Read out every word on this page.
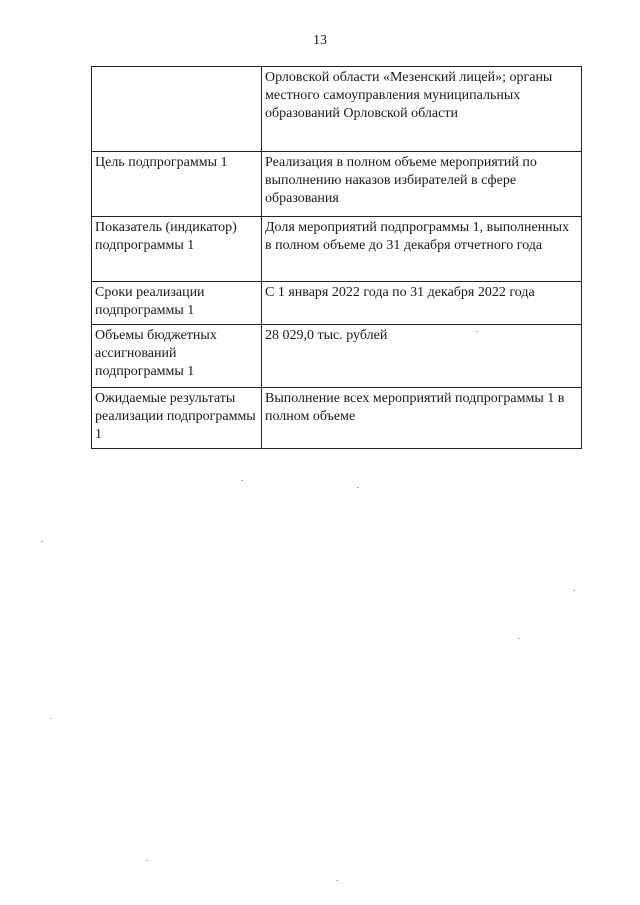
13
	Орловской области «Мезенский лицей»; органы местного самоуправления муниципальных образований Орловской области
Цель подпрограммы 1	Реализация в полном объеме мероприятий по выполнению наказов избирателей в сфере образования
Показатель (индикатор) подпрограммы 1	Доля мероприятий подпрограммы 1, выполненных в полном объеме до 31 декабря отчетного года
Сроки реализации подпрограммы 1	С 1 января 2022 года по 31 декабря 2022 года
Объемы бюджетных ассигнований подпрограммы 1	28 029,0 тыс. рублей
Ожидаемые результаты реализации подпрограммы 1	Выполнение всех мероприятий подпрограммы 1 в полном объеме
